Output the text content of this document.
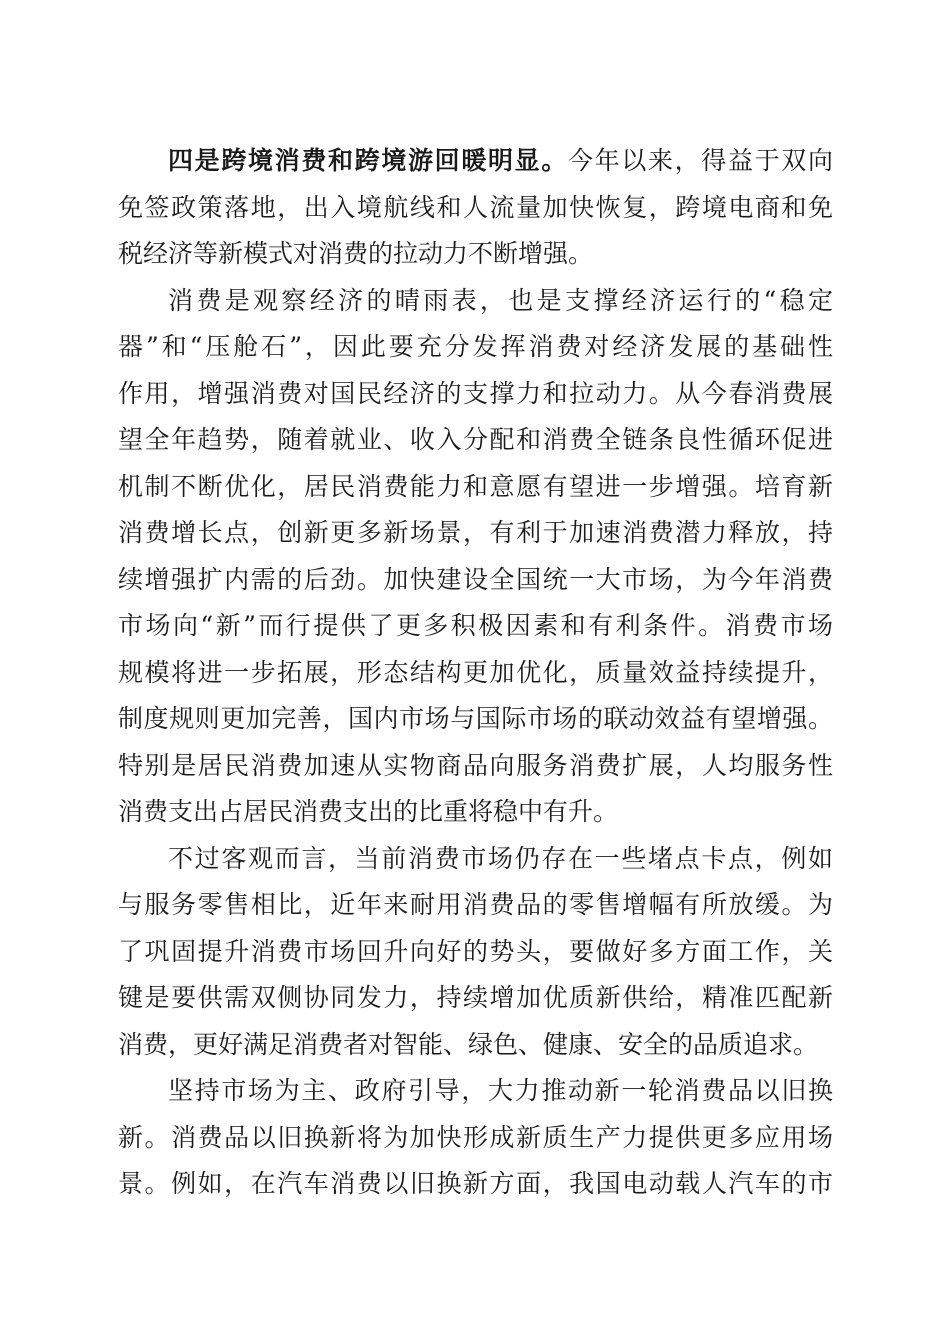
四是跨境消费和跨境游回暖明显。今年以来，得益于双向
免签政策落地，出入境航线和人流量加快恢复，跨境电商和免
税经济等新模式对消费的拉动力不断增强。
消费是观察经济的晴雨表，也是支撑经济运行的“稳定
器”和“压舱石”，因此要充分发挥消费对经济发展的基础性
作用，增强消费对国民经济的支撑力和拉动力。从今春消费展
望全年趋势，随着就业、收入分配和消费全链条良性循环促进
机制不断优化，居民消费能力和意愿有望进一步增强。培育新
消费增长点，创新更多新场景，有利于加速消费潜力释放，持
续增强扩内需的后劲。加快建设全国统一大市场，为今年消费
市场向“新”而行提供了更多积极因素和有利条件。消费市场
规模将进一步拓展，形态结构更加优化，质量效益持续提升，
制度规则更加完善，国内市场与国际市场的联动效益有望增强。
特别是居民消费加速从实物商品向服务消费扩展，人均服务性
消费支出占居民消费支出的比重将稳中有升。
不过客观而言，当前消费市场仍存在一些堵点卡点，例如
与服务零售相比，近年来耐用消费品的零售增幅有所放缓。为
了巩固提升消费市场回升向好的势头，要做好多方面工作，关
键是要供需双侧协同发力，持续增加优质新供给，精准匹配新
消费，更好满足消费者对智能、绿色、健康、安全的品质追求。
坚持市场为主、政府引导，大力推动新一轮消费品以旧换
新。消费品以旧换新将为加快形成新质生产力提供更多应用场
景。例如，在汽车消费以旧换新方面，我国电动载人汽车的市
